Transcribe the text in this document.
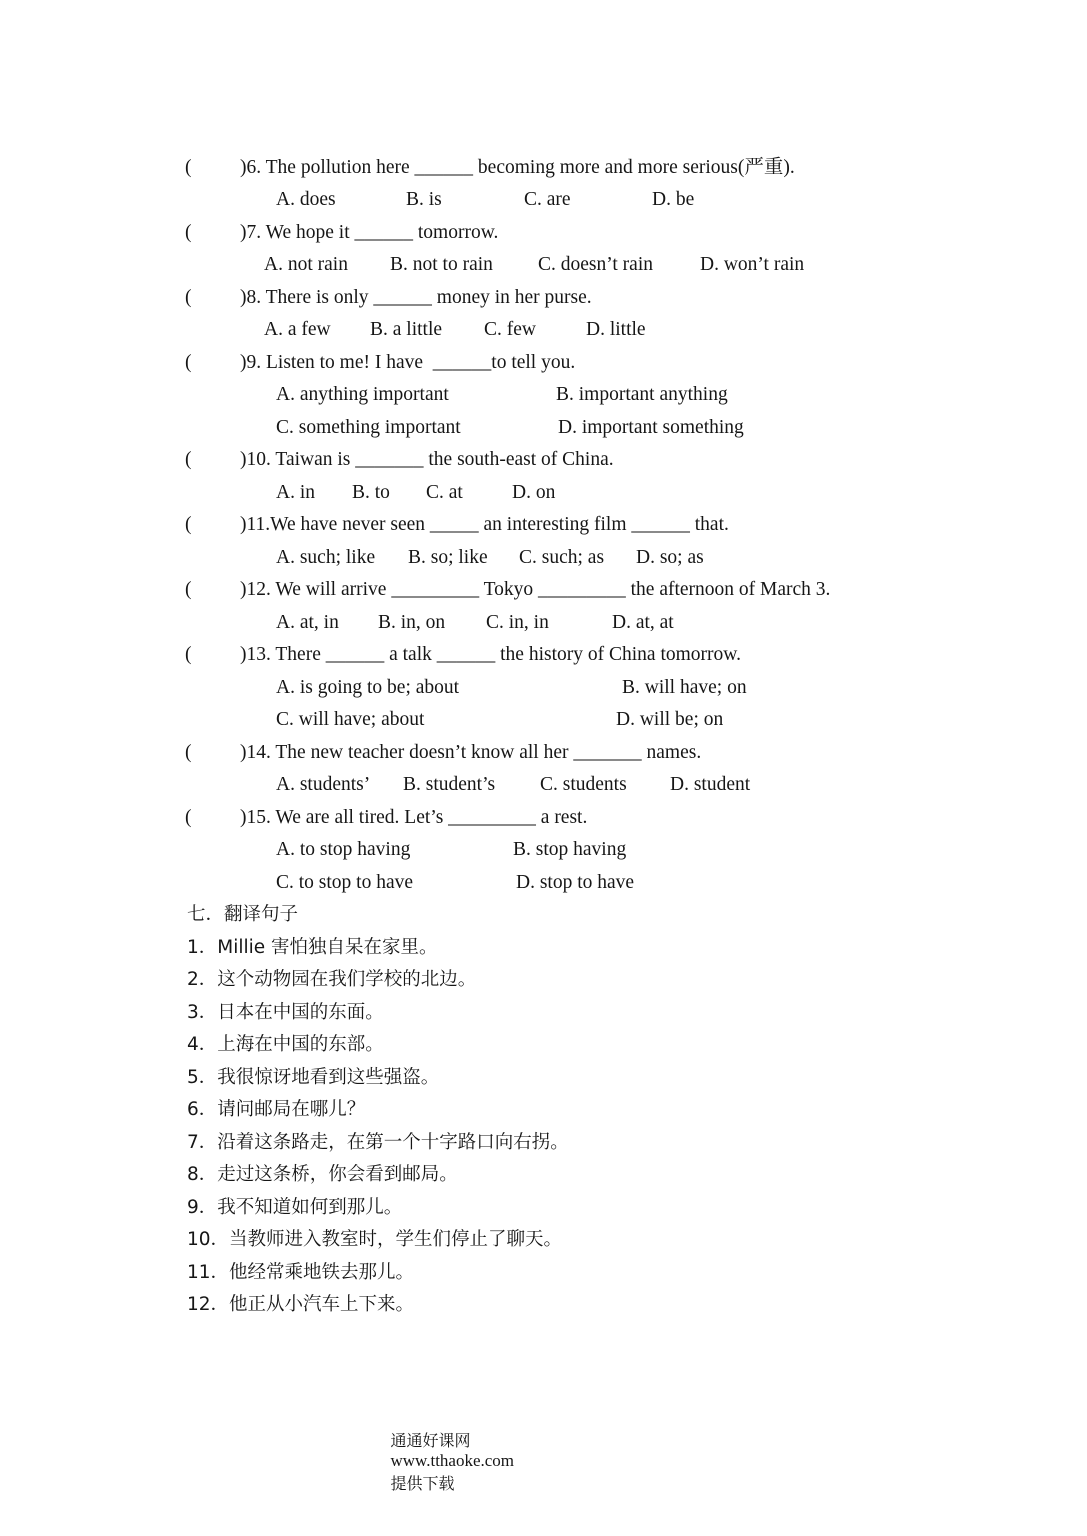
( )6. The pollution here ______ becoming more and more serious(严重).
A. does	B. is	C. are	D. be
( )7. We hope it ______ tomorrow.
A. not rain B. not to rain C. doesn’t rain D. won’t rain
( )8. There is only ______ money in her purse.
A. a few B. a little C. few	D. little
( )9. Listen to me! I have  ______to tell you.
A. anything important	B. important anything
C. something important	D. important something
( )10. Taiwan is _______ the south-east of China.
A. in B. to C. at	D. on
( )11.We have never seen _____ an interesting film ______ that.
A. such; like B. so; like C. such; as D. so; as
( )12. We will arrive _________ Tokyo _________ the afternoon of March 3.
A. at, in B. in, on C. in, in	D. at, at
( )13. There ______ a talk ______ the history of China tomorrow.
A. is going to be; about	B. will have; on
C. will have; about	D. will be; on
( )14. The new teacher doesn’t know all her _______ names.
A. students’ B. student’s C. students D. student
( )15. We are all tired. Let’s _________ a rest.
A. to stop having	B. stop having
C. to stop to have	D. stop to have
七．翻译句子
1．Millie 害怕独自呆在家里。
2．这个动物园在我们学校的北边。
3．日本在中国的东面。
4．上海在中国的东部。
5．我很惊讶地看到这些强盗。
6．请问邮局在哪儿？
7．沿着这条路走，在第一个十字路口向右拐。
8．走过这条桥，你会看到邮局。
9．我不知道如何到那儿。
10．当教师进入教室时，学生们停止了聊天。
11．他经常乘地铁去那儿。
12．他正从小汽车上下来。

通通好课网
www.tthaoke.com
提供下载
